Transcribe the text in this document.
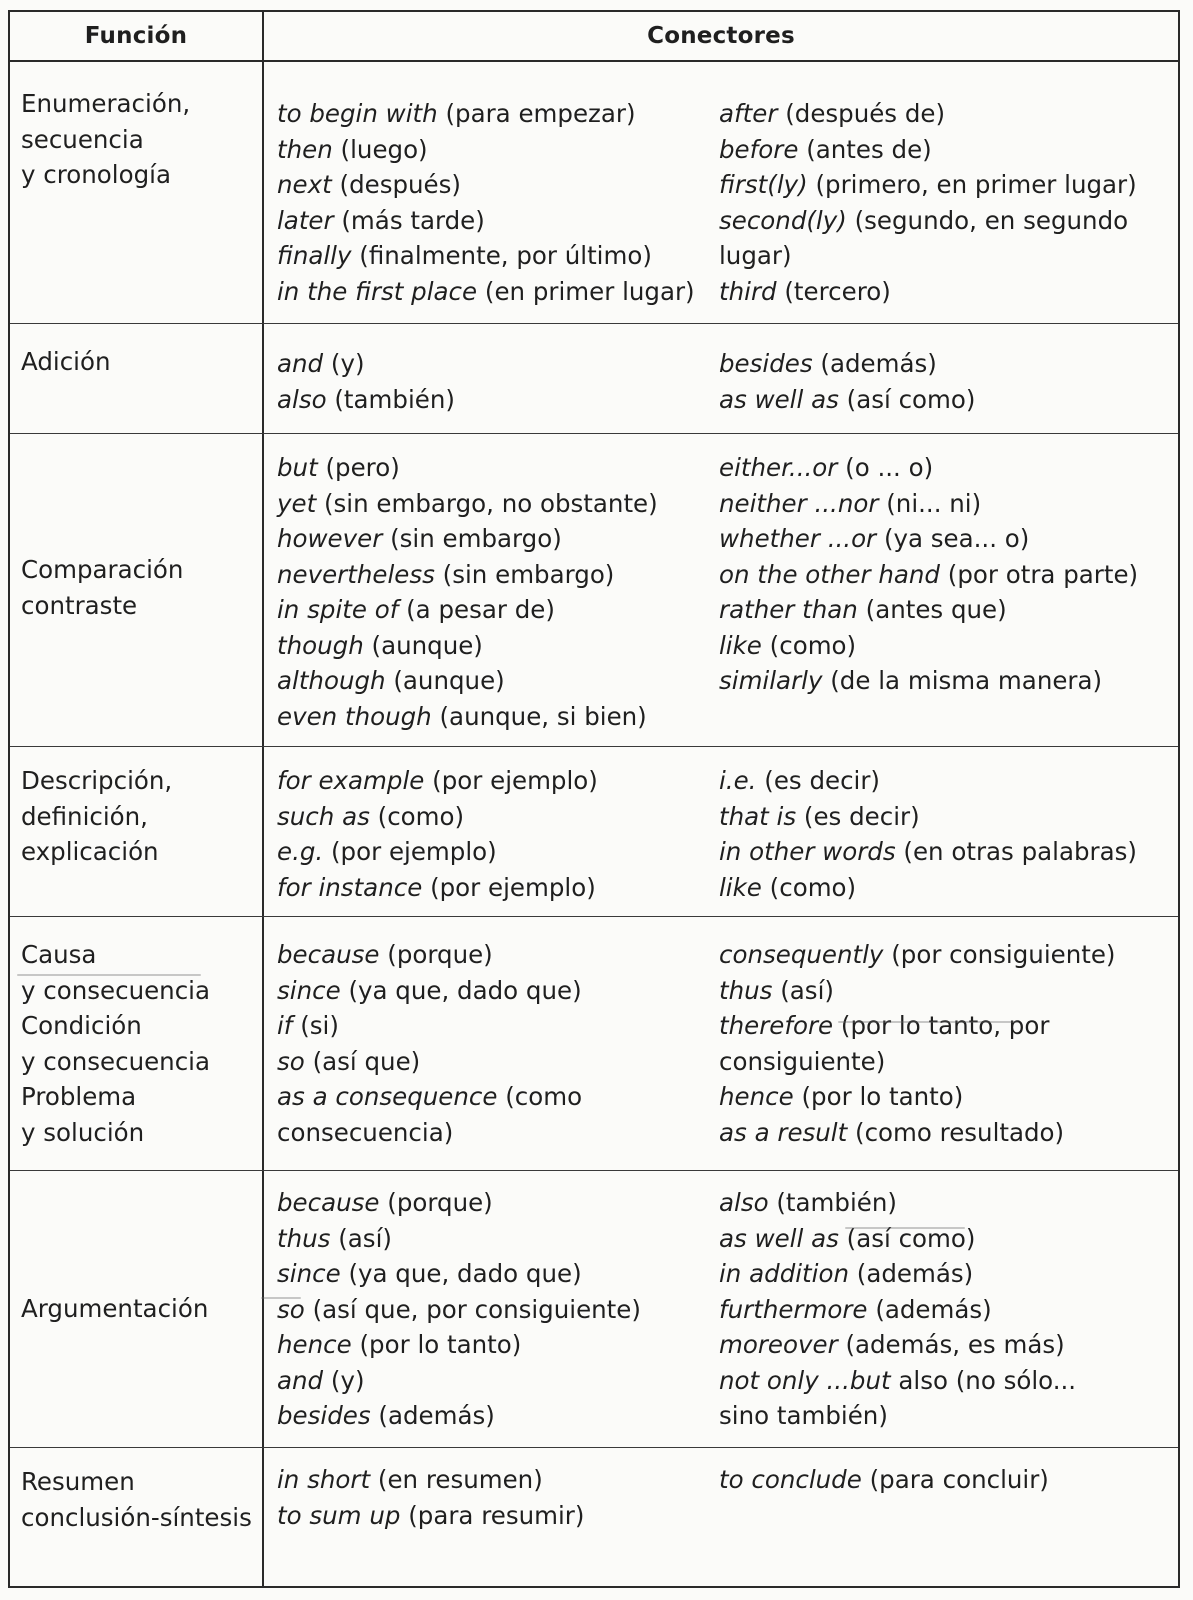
Función	Conectores
Enumeración,
secuencia
y cronología
to begin with (para empezar)
then (luego)
next (después)
later (más tarde)
finally (finalmente, por último)
in the first place (en primer lugar)
after (después de)
before (antes de)
first(ly) (primero, en primer lugar)
second(ly) (segundo, en segundo
lugar)
third (tercero)
Adición	and (y)
also (también)
besides (además)
as well as (así como)
Comparación
contraste
but (pero)
yet (sin embargo, no obstante)
however (sin embargo)
nevertheless (sin embargo)
in spite of (a pesar de)
though (aunque)
although (aunque)
even though (aunque, si bien)
either...or (o ... o)
neither ...nor (ni... ni)
whether ...or (ya sea... o)
on the other hand (por otra parte)
rather than (antes que)
like (como)
similarly (de la misma manera)
Descripción,
definición,
explicación
for example (por ejemplo)
such as (como)
e.g. (por ejemplo)
for instance (por ejemplo)
i.e. (es decir)
that is (es decir)
in other words (en otras palabras)
like (como)
Causa
y consecuencia
Condición
y consecuencia
Problema
y solución
because (porque)
since (ya que, dado que)
if (si)
so (así que)
as a consequence (como
consecuencia)
consequently (por consiguiente)
thus (así)
therefore (por lo tanto, por
consiguiente)
hence (por lo tanto)
as a result (como resultado)
Argumentación
because (porque)
thus (así)
since (ya que, dado que)
so (así que, por consiguiente)
hence (por lo tanto)
and (y)
besides (además)
also (también)
as well as (así como)
in addition (además)
furthermore (además)
moreover (además, es más)
not only ...but also (no sólo...
sino también)
Resumen
conclusión-síntesis
in short (en resumen)
to sum up (para resumir)
to conclude (para concluir)
